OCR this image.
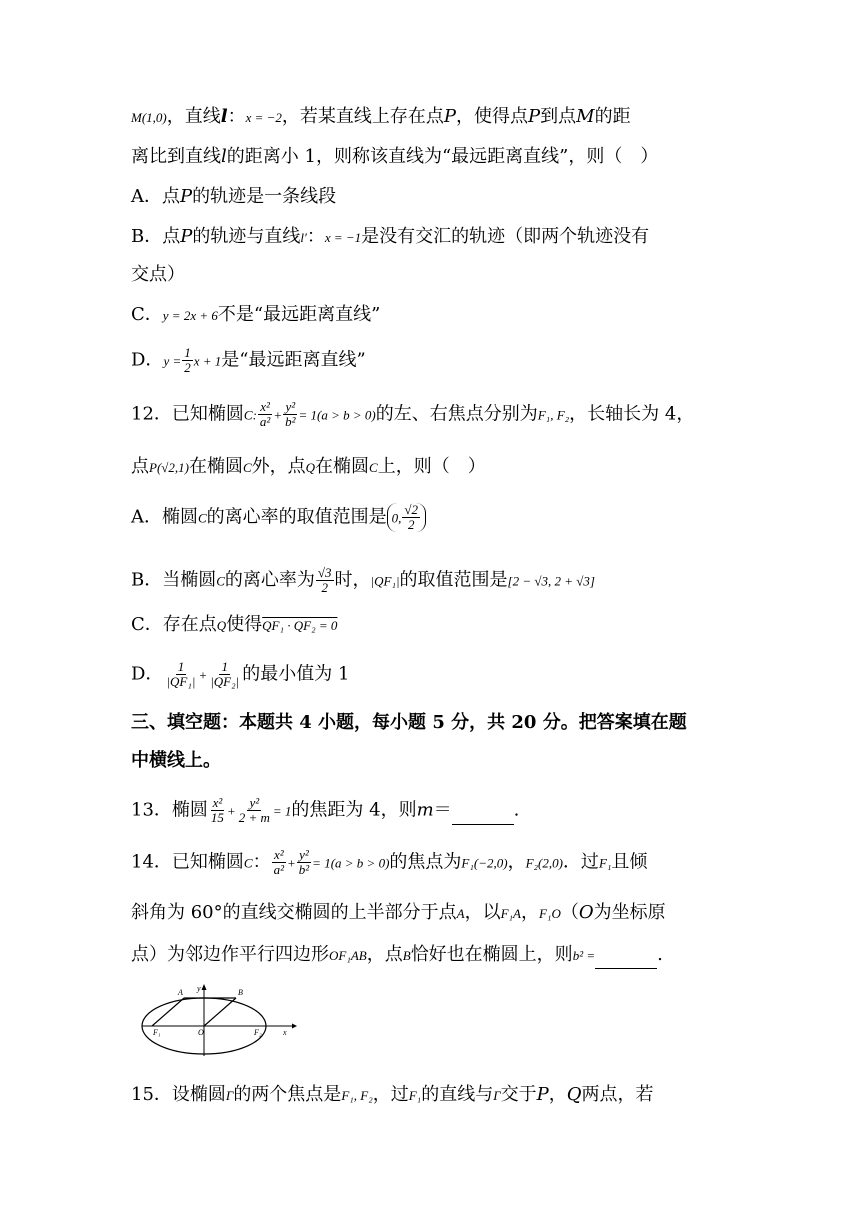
M(1,0)，直线l：x = −2，若某直线上存在点P，使得点P到点M的距
离比到直线l的距离小 1，则称该直线为“最远距离直线”，则（　）
A．点P的轨迹是一条线段
B．点P的轨迹与直线l′：x = −1是没有交汇的轨迹（即两个轨迹没有
交点）
C．y = 2x + 6不是“最远距离直线”
D．$y = \frac{1}{2}$ x + 1是“最远距离直线”
12．已知椭圆C: $\frac{\text{x²}}{\text{a²}} + \frac{\text{y²}}{\text{b²}} = 1(a > b > 0)$的左、右焦点分别为F₁, F₂，长轴长为 4，
点P(√2,1)在椭圆C外，点Q在椭圆C上，则（　）
A．椭圆C的离心率的取值范围是 0, $\frac{√2}{2}$
B．当椭圆C的离心率为 $\frac{√3}{2}$ 时，|QF₁|的取值范围是[2 − √3, 2 + √3]
C．存在点Q使得QF₁ · QF₂ = 0
D． $\frac{1}{\text{|QF₁|}} + \frac{1}{\text{|QF₂|}}$ 的最小值为 1
三、填空题：本题共 4 小题，每小题 5 分，共 20 分。把答案填在题
中横线上。
13．椭圆 $\frac{\text{x²}}{15} + \frac{\text{y²}}{2 + m} = 1$的焦距为 4，则m＝	.
14．已知椭圆C： $\frac{\text{x²}}{\text{a²}} + \frac{\text{y²}}{\text{b²}} = 1(a > b > 0)$的焦点为F₁(−2,0)，F₂(2,0)．过F₁且倾
斜角为 60°的直线交椭圆的上半部分于点A，以F₁A，F₁O（O为坐标原
点）为邻边作平行四边形OF₁AB，点B恰好也在椭圆上，则b² =	.
A	B
y
F₁	O	F₂	x
15．设椭圆Γ的两个焦点是F₁, F₂，过F₁的直线与Γ交于P，Q两点，若
